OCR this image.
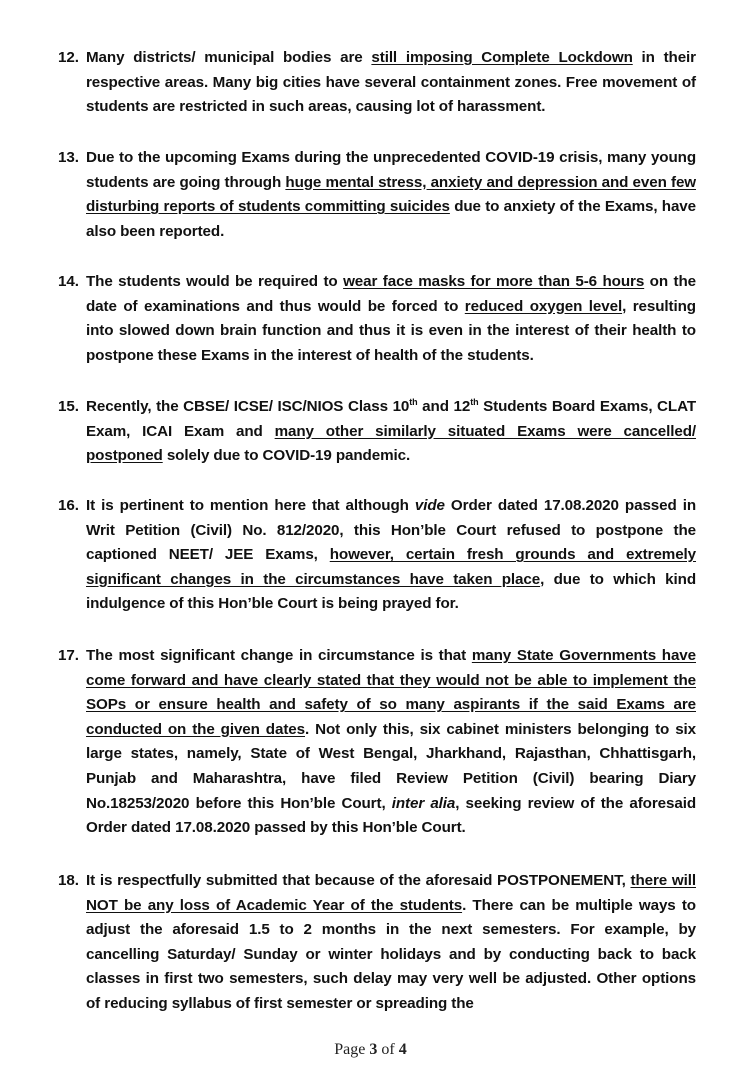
12. Many districts/ municipal bodies are still imposing Complete Lockdown in their respective areas. Many big cities have several containment zones. Free movement of students are restricted in such areas, causing lot of harassment.
13. Due to the upcoming Exams during the unprecedented COVID-19 crisis, many young students are going through huge mental stress, anxiety and depression and even few disturbing reports of students committing suicides due to anxiety of the Exams, have also been reported.
14. The students would be required to wear face masks for more than 5-6 hours on the date of examinations and thus would be forced to reduced oxygen level, resulting into slowed down brain function and thus it is even in the interest of their health to postpone these Exams in the interest of health of the students.
15. Recently, the CBSE/ ICSE/ ISC/NIOS Class 10th and 12th Students Board Exams, CLAT Exam, ICAI Exam and many other similarly situated Exams were cancelled/ postponed solely due to COVID-19 pandemic.
16. It is pertinent to mention here that although vide Order dated 17.08.2020 passed in Writ Petition (Civil) No. 812/2020, this Hon’ble Court refused to postpone the captioned NEET/ JEE Exams, however, certain fresh grounds and extremely significant changes in the circumstances have taken place, due to which kind indulgence of this Hon’ble Court is being prayed for.
17. The most significant change in circumstance is that many State Governments have come forward and have clearly stated that they would not be able to implement the SOPs or ensure health and safety of so many aspirants if the said Exams are conducted on the given dates. Not only this, six cabinet ministers belonging to six large states, namely, State of West Bengal, Jharkhand, Rajasthan, Chhattisgarh, Punjab and Maharashtra, have filed Review Petition (Civil) bearing Diary No.18253/2020 before this Hon’ble Court, inter alia, seeking review of the aforesaid Order dated 17.08.2020 passed by this Hon’ble Court.
18. It is respectfully submitted that because of the aforesaid POSTPONEMENT, there will NOT be any loss of Academic Year of the students. There can be multiple ways to adjust the aforesaid 1.5 to 2 months in the next semesters. For example, by cancelling Saturday/ Sunday or winter holidays and by conducting back to back classes in first two semesters, such delay may very well be adjusted. Other options of reducing syllabus of first semester or spreading the
Page 3 of 4
